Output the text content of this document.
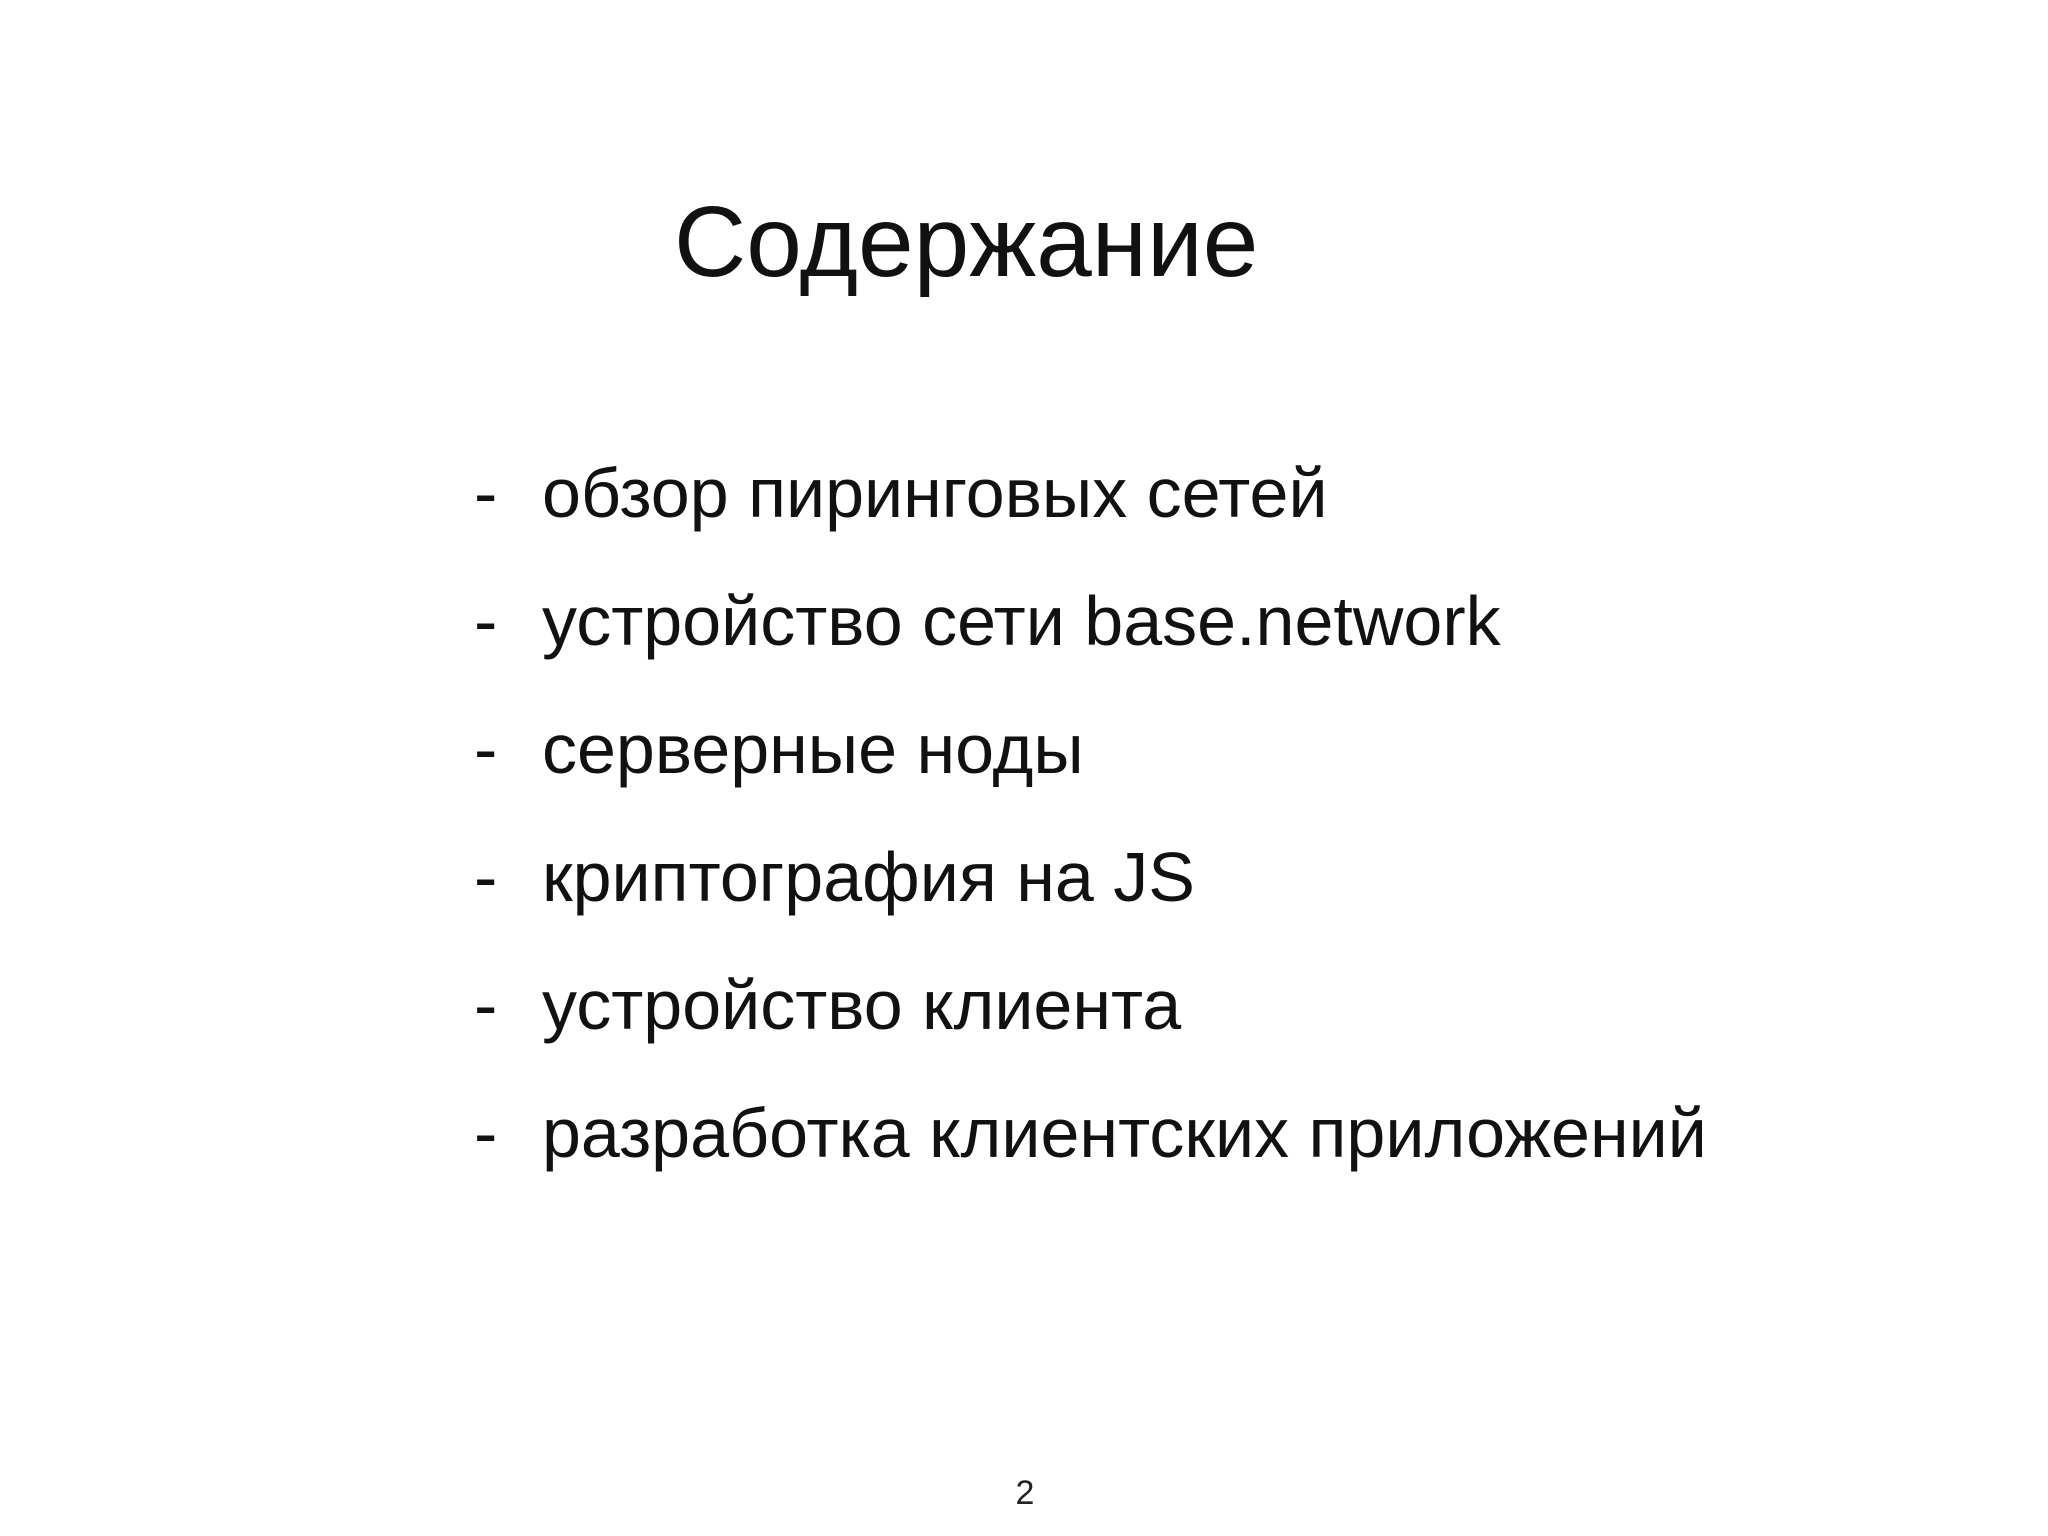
Содержание
- обзор пиринговых сетей
- устройство сети base.network
- серверные ноды
- криптография на JS
- устройство клиента
- разработка клиентских приложений
2
